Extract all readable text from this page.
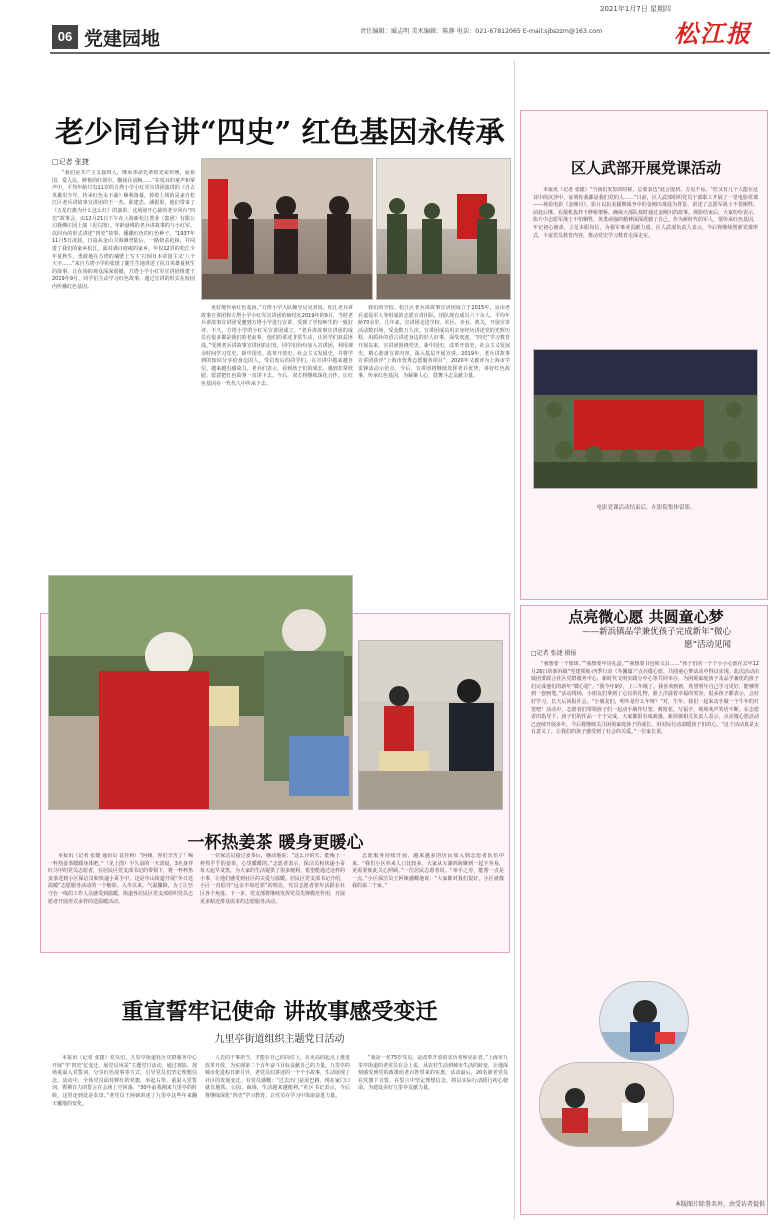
2021年1月7日 星期四
06 党建园地	责任编辑：臧志明 美术编辑：陈静 电话：021-67812065 E-mail:sjbszzm@163.com	松江报
老少同台讲“四史” 红色基因永传承
□记者 张捷
“我们是共产主义接班人，继承革命先辈的光荣传统，爱祖国，爱人民，鲜艳的红领巾，飘扬在前胸……”在悦耳的童声和掌声中，平均年龄只有11岁的方塔小学小红军宣讲团演讲的《自古英雄出少年，传承红色永不渝》顺利落幕。掉着上场的是来自松江区老兵讲故事宣讲团的王一杰、耿建忠、潘银果，他们带来了《五星红旗为什么这么红》的演讲。这场别开心裁的老少同台“四史”故事会，由12月21日下午在上海新松江置业（集团）有限公司我佛庄园上演（见右图）。年龄悬殊的老兵讲故事的与小红军，以同台的形式讲述“四史”故事，播撒红色的红色种子。“1937年11月5日凌晨，日寇从金山卫海滩登陆后，一路烧杀抢掠，并闯进了我们的家乡松江。面对满目疮痍的家乡，年仅12岁的松江少年夏秋生，勇敢地在方塔的墙壁上写下‘打倒日本帝国主义’八个大字……”来自方塔小学的张琰了脆生生地讲述了抗日英雄夏秋生的故事，让在场的观众深深震撼。方塔小学小红军宣讲团组建于2019年9月，同学们主动学习红色故事，通过宣讲的形式在校园内传播红色基因。
更好地传承红色基因。”方塔小学大队辅导员吴双说。松江老兵讲故事宣讲团和方塔小学小红军宣讲团的缔结在2019年的9月，当时老兵讲故事宣讲团受邀到方塔小学进行宣讲，受到了学校师生的一致好评。不久，方塔小学的小红军宣讲团成立。“老兵讲故事宣讲团的成员有很多都是我们的老前辈，他们的讲述非常生动，让同学们获益匪浅。”受到老兵讲故事宣讲团的启发，同学们纷纷加入宣讲团，利用课余时间学习党史、新中国史、改革开放史、社会主义发展史，并将学到的知识分享给身边的人。受启发后的同学们，在宣讲中越来越自信，越来越有感染力。老兵们表示，看到孩子们的成长，感到非常欣慰，愿意把红色故事一直讲下去。今后，双方将继续深化合作，让红色基因在一代代人中传承下去。
我们的学校。松江区老兵讲故事宣讲团成立于2015年，是由老兵退役军人等组成的志愿宣讲团队，团队现有成员六十余人，平均年龄70余岁。几年来，宣讲团走进学校、社区、企业、机关，开展宣讲活动数百场，受众数万人次。宣讲团成员用亲身经历讲述党的光辉历程，用质朴的语言讲述身边的好人好事，深受欢迎。“四史”学习教育开展以来，宣讲团围绕党史、新中国史、改革开放史、社会主义发展史，精心准备宣讲内容，深入基层开展宣讲。2019年，老兵讲故事宣讲团获评“上海市优秀志愿服务项目”，2020年又被评为上海市学雷锋活动示范点。今后，宣讲团将继续发挥老兵优势，讲好红色故事，传承红色基因，为凝聚人心、鼓舞斗志贡献力量。
区人武部开展党课活动
本报讯（记者 张捷）“当我们发誓的时候，总要表达”此言殷切、方见不易。“但又有几个人能在这其中的沉浮中，证明你我都是我们党的人……”日前，区人武部组织党员干部职工开展了一堂电影党课——观看电影《金刚川》。影片以抗美援朝战争中的金刚川战役为背景，讲述了志愿军战士不畏牺牲、前赴后继、在敌机轰炸下修桥架桥、确保大部队按时通过金刚川的故事。观影结束后，大家纷纷表示，影片中志愿军战士不怕牺牲、英勇顽强的精神深深震撼了自己。作为新时代的军人，要传承红色基因，牢记初心使命，立足本职岗位，为强军事业贡献力量。区人武部负责人表示，今后将继续创新党课形式，丰富党员教育内容，推动党史学习教育走深走实。
电影党课活动结束后，在影院集体留影。
点亮微心愿 共圆童心梦
——新浜镇品学兼优孩子完成新年“微心愿”活动见闻
□记者 张捷 摄报
“我想要一个篮球。”“我想要年货礼盒。”“我想要书包和文具……”孩子们的一个个小小心愿在去年12月26日的新浜镇“党建领航·四季行动（冬馨篇）”点亮微心愿、共圆童心梦活动中得以实现。此次活动由镇团委联合社区党群服务中心、新时代文明实践分中心等共同举办，为困境家庭孩子及品学兼优的孩子们完成他们的新年“微心愿”。“我今年9岁，上三年级了。我喜欢画画，希望明年自己学习更好，能够得到一套画笔。”活动现场，小朋友们拿到了心仪的礼物，脸上洋溢着幸福的笑容。很多孩子都表示，会好好学习，长大后回报社会。“小朋友们，明年是什么年呀？”对，牛年。我们一起来动手做一个牛年的灯笼吧！活动中，志愿者们带领孩子们一起动手制作灯笼、剪窗花、写福字，现场欢声笑语不断。在志愿者的指导下，孩子们的作品一个个完成，大家都很有成就感。新浜镇相关负责人表示，点亮微心愿活动已连续开展多年，今后将继续关注困境家庭孩子的成长，用实际行动温暖孩子们的心。“这个活动真是太有意义了，让我们的孩子感受到了社会的关爱。”一位家长说。
本版图片除署名外，由受访者提供
一杯热姜茶 暖身更暖心
本报讯（记者 张捷 通讯员 袁佳莉）“阿姨，你们辛苦了！喝一杯热姜茶暖暖身体吧。”（见上图）不久前的一天清晨，3名身穿红马甲的党员志愿者，在居民区党支部书记的带领下，将一杯杯热姜茶送到小区保洁员和快递小哥手中。这是中山街道开展“冬日送温暖”志愿服务活动的一个缩影。入冬以来，气温骤降，为了让坚守在一线的工作人员感受到温暖，街道各居民区党支部组织党员志愿者开展形式多样的送温暖活动。
一位保洁员接过姜茶后，感动地说：“这么冷的天，能喝上一杯热乎乎的姜茶，心里暖暖的。”志愿者表示，保洁员和快递小哥每天起早贪黑，为大家的生活提供了很多便利，希望能通过这样的小事，让他们感受到社区的关爱与温暖。居民区党支部书记介绍，小区一直倡导“远亲不如近邻”的理念，党员志愿者常年活跃在社区各个角落。下一步，党支部将继续发挥党员先锋模范作用，开展更多贴近群众需求的志愿服务活动。
志愿服务持续开展，越来越多的居民加入到志愿者队伍中来。“我们小区外来人口比较多，大家从五湖四海聚到一起不容易，更需要彼此关心照顾。”一位居民志愿者说。“举手之劳，能帮一点是一点。”小区保洁员王阿姨感慨地说：“大家都对我们很好，小区就像我的第二个家。”
重宣誓牢记使命 讲故事感受变迁
九里亭街道组织主题党日活动
本报讯（记者 张捷）党员们，九里亭街道社区党群服务中心开展“学‘四史’忆变迁、展党员风采”主题党日活动，通过观影、现场重温入党誓词、分享红色故事等方式，引导党员们坚定理想信念。活动中，全体党员面对鲜红的党旗，举起右拳，重温入党誓词，铿锵有力的誓言在会场上空回荡。“30年前我刚来九里亭的时候，这里还到处是农田。”老党员王阿姨讲述了九里亭这些年来翻天覆地的变化。
人先的干事担当，才能在自己的岗位上，在更高的起点上推进改革开放，为实现第二个百年奋斗目标贡献自己的力量。九里亭的城市化进程日新月异，老党员们讲述的一个个小故事，生动展现了社区的发展变迁。有党员感慨：“过去出门是泥巴路，现在家门口就有地铁、公园、商场，生活越来越便利。”社区书记表示，今后将继续深化“四史”学习教育，让党员在学习中汲取奋进力量。
“我是一名75岁党员，是改革开放的亲历者和见证者。”上海市九里亭街道的老党员在会上说，从农村生活到城市生活的转变，让他深刻感受到党的政策给老百姓带来的实惠。活动最后，20名新老党员在党旗下宣誓，在誓言中坚定理想信念，将以实际行动践行初心使命，为建设美好九里亭贡献力量。
